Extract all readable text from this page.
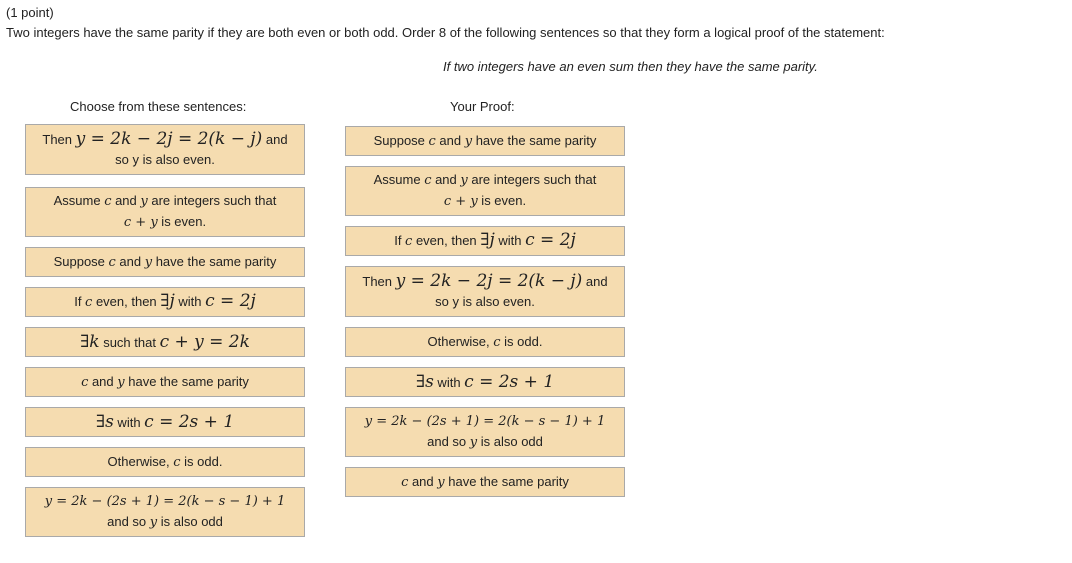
(1 point)
Two integers have the same parity if they are both even or both odd. Order 8 of the following sentences so that they form a logical proof of the statement:
If two integers have an even sum then they have the same parity.
Choose from these sentences:	Your Proof:
Then y = 2k − 2j = 2(k − j) and
so y is also even.
Assume c and y are integers such that
c + y is even.
Suppose c and y have the same parity
If c even, then ∃j with c = 2j
∃k such that c + y = 2k
c and y have the same parity
∃s with c = 2s + 1
Otherwise, c is odd.
y = 2k − (2s + 1) = 2(k − s − 1) + 1
and so y is also odd
Suppose c and y have the same parity
Assume c and y are integers such that
c + y is even.
If c even, then ∃j with c = 2j
Then y = 2k − 2j = 2(k − j) and
so y is also even.
Otherwise, c is odd.
∃s with c = 2s + 1
y = 2k − (2s + 1) = 2(k − s − 1) + 1
and so y is also odd
c and y have the same parity
